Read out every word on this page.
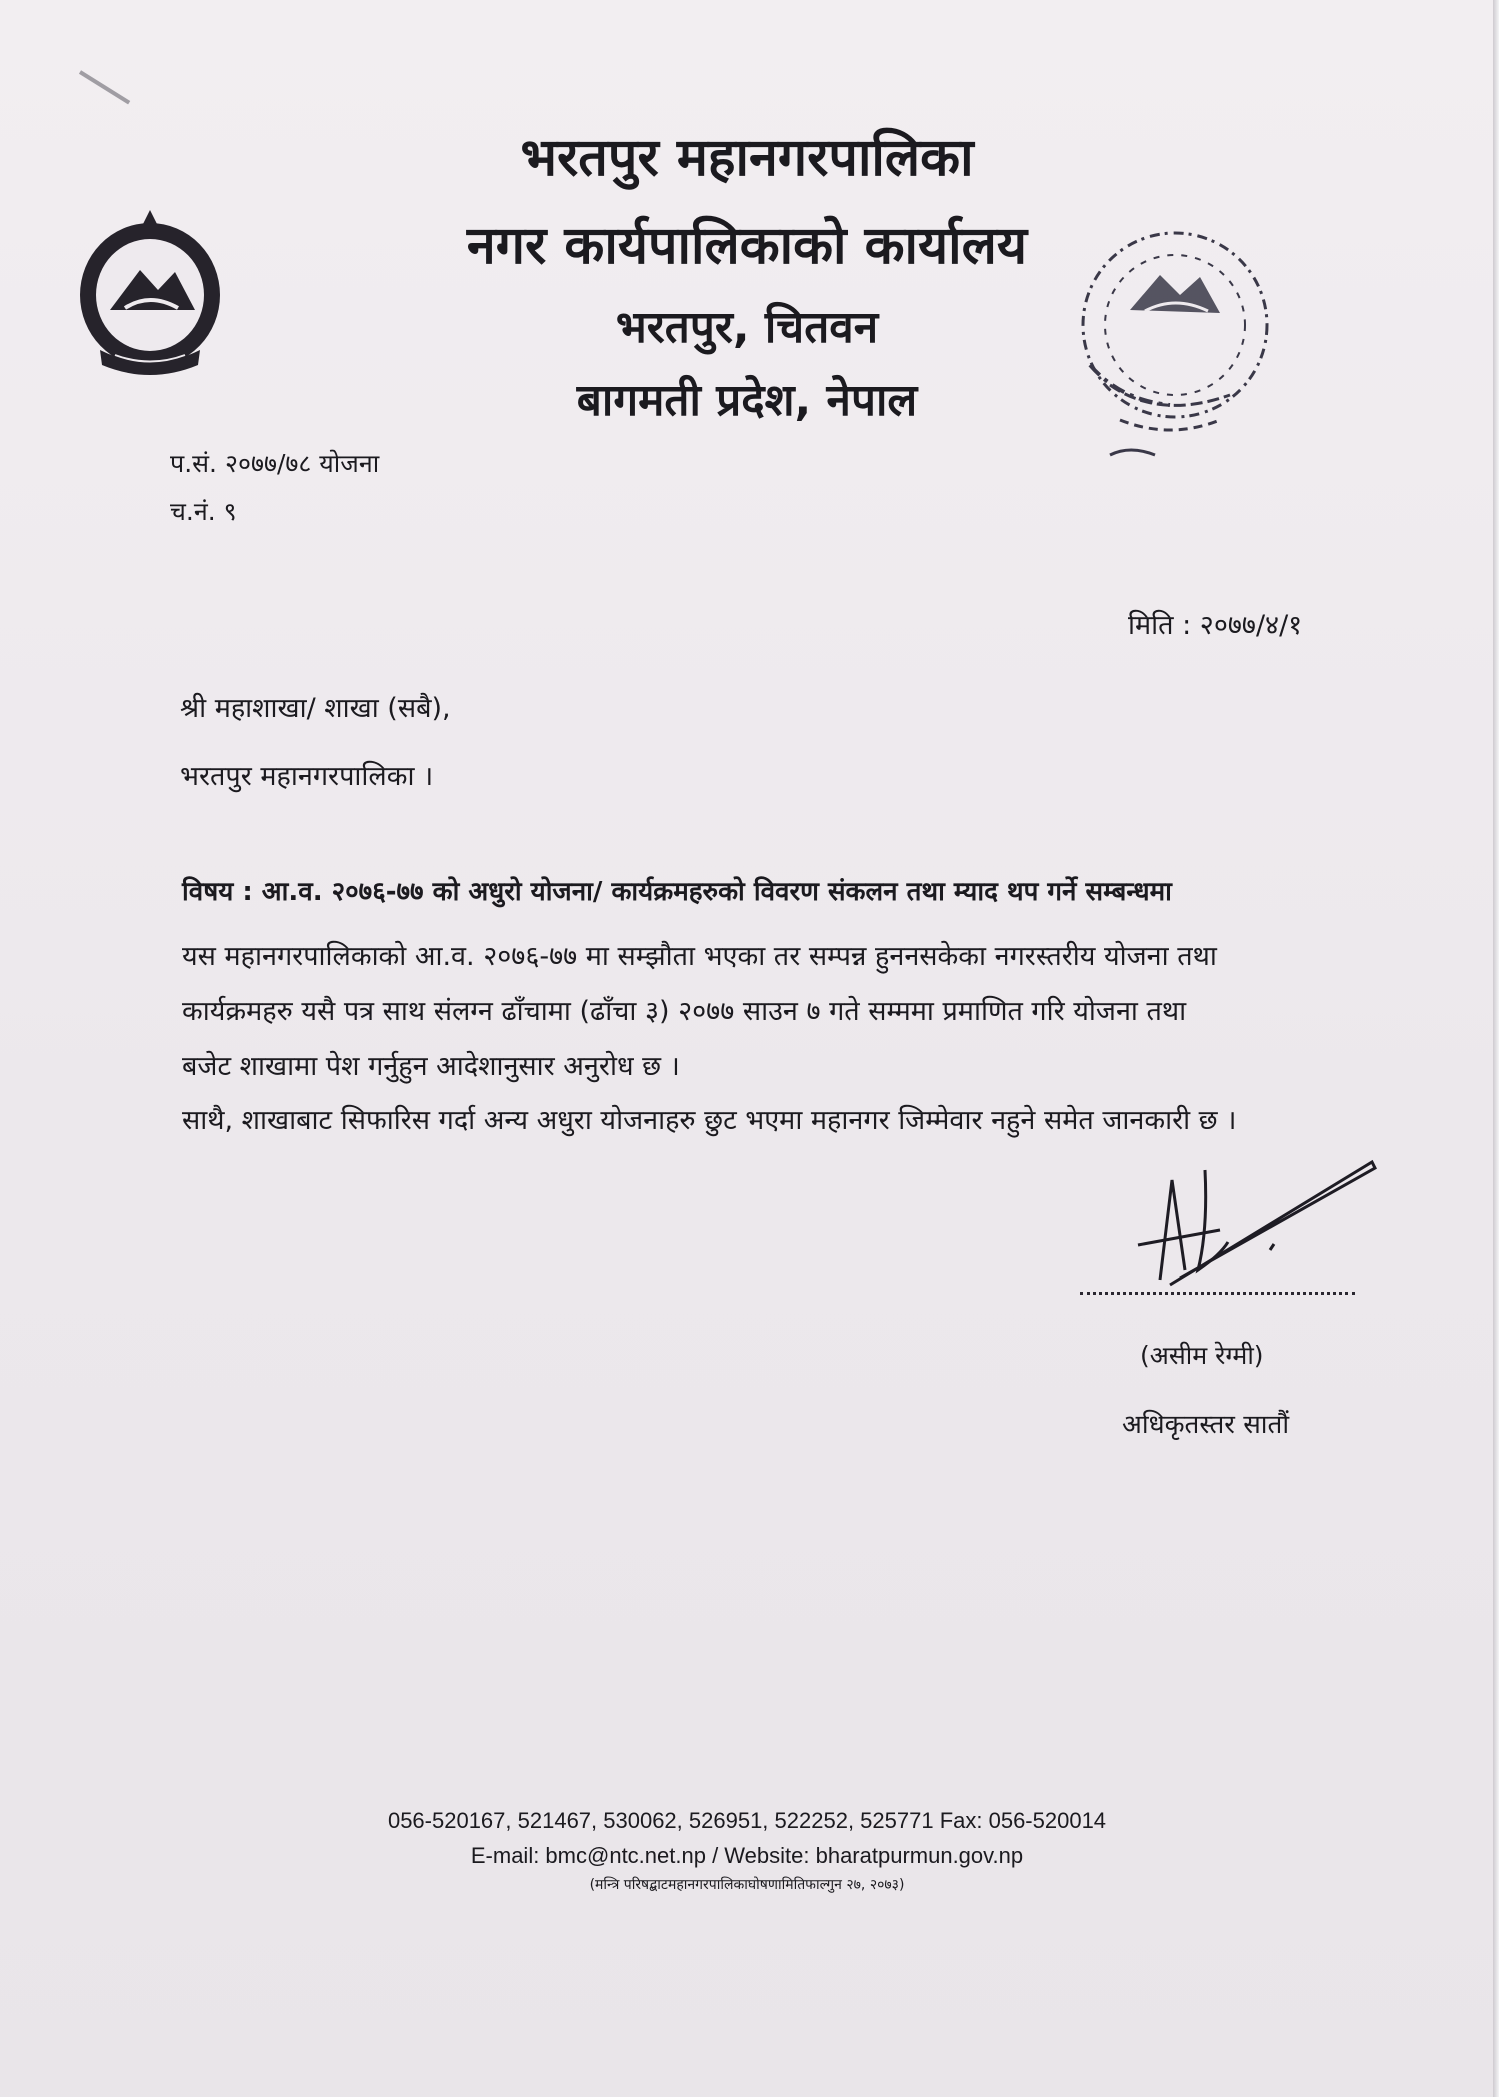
भरतपुर महानगरपालिका
नगर कार्यपालिकाको कार्यालय
भरतपुर, चितवन
बागमती प्रदेश, नेपाल
प.सं. २०७७/७८ योजना
च.नं. ९
मिति : २०७७/४/१
श्री महाशाखा/ शाखा (सबै),
भरतपुर महानगरपालिका ।
विषय : आ.व. २०७६-७७ को अधुरो योजना/ कार्यक्रमहरुको विवरण संकलन तथा म्याद थप गर्ने सम्बन्धमा
यस महानगरपालिकाको आ.व. २०७६-७७ मा सम्झौता भएका तर सम्पन्न हुननसकेका नगरस्तरीय योजना तथा
कार्यक्रमहरु यसै पत्र साथ संलग्न ढाँचामा (ढाँचा ३) २०७७ साउन ७ गते सम्ममा प्रमाणित गरि योजना तथा
बजेट शाखामा पेश गर्नुहुन आदेशानुसार अनुरोध छ ।
साथै, शाखाबाट सिफारिस गर्दा अन्य अधुरा योजनाहरु छुट भएमा महानगर जिम्मेवार नहुने समेत जानकारी छ ।
(असीम रेग्मी)
अधिकृतस्तर सातौं
056-520167, 521467, 530062, 526951, 522252, 525771 Fax: 056-520014
E-mail: bmc@ntc.net.np / Website: bharatpurmun.gov.np
(मन्त्रि परिषद्बाटमहानगरपालिकाघोषणामितिफाल्गुन २७, २०७३)
